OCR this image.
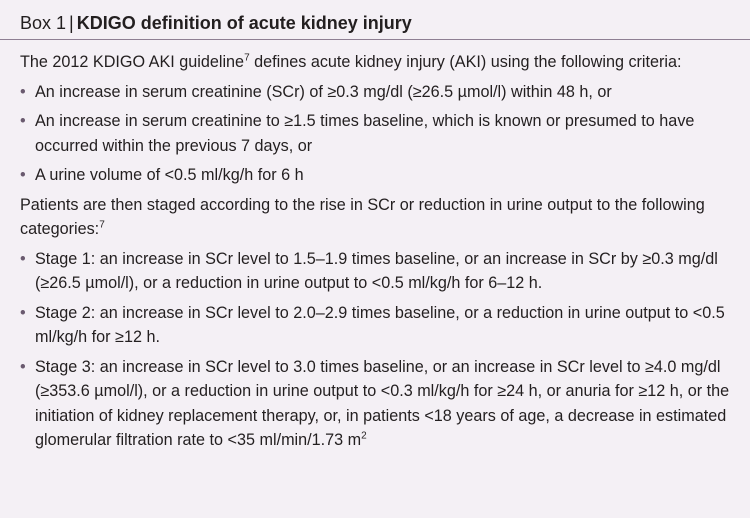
Box 1 | KDIGO definition of acute kidney injury

The 2012 KDIGO AKI guideline$^7$ defines acute kidney injury (AKI) using the following criteria:

• An increase in serum creatinine (SCr) of ≥0.3 mg/dl (≥26.5 µmol/l) within 48 h, or
• An increase in serum creatinine to ≥1.5 times baseline, which is known or presumed to have occurred within the previous 7 days, or
• A urine volume of <0.5 ml/kg/h for 6 h

Patients are then staged according to the rise in SCr or reduction in urine output to the following categories:$^7$

• Stage 1: an increase in SCr level to 1.5–1.9 times baseline, or an increase in SCr by ≥0.3 mg/dl (≥26.5 µmol/l), or a reduction in urine output to <0.5 ml/kg/h for 6–12 h.
• Stage 2: an increase in SCr level to 2.0–2.9 times baseline, or a reduction in urine output to <0.5 ml/kg/h for ≥12 h.
• Stage 3: an increase in SCr level to 3.0 times baseline, or an increase in SCr level to ≥4.0 mg/dl (≥353.6 µmol/l), or a reduction in urine output to <0.3 ml/kg/h for ≥24 h, or anuria for ≥12 h, or the initiation of kidney replacement therapy, or, in patients <18 years of age, a decrease in estimated glomerular filtration rate to <35 ml/min/1.73 $m^2$
